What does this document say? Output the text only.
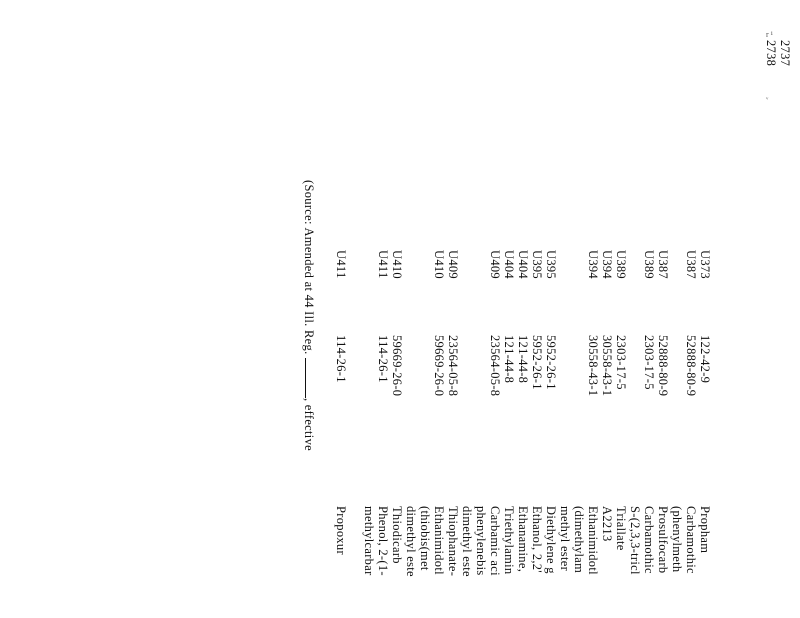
2737
2738
U373
122-42-9
Propham
U387
52888-80-9
Carbamothic
(phenylmeth
U387
52888-80-9
Prosulfocarb
U389
2303-17-5
Carbamothic
S-(2,3,3-tricl
U389
2303-17-5
Triallate
U394
30558-43-1
A2213
U394
30558-43-1
Ethanimidotl
(dimethylam
methyl ester
U395
5952-26-1
Diethylene g
U395
5952-26-1
Ethanol, 2,2'
U404
121-44-8
Ethanamine,
U404
121-44-8
Triethylamin
U409
23564-05-8
Carbamic aci
phenylenebis
dimethyl este
U409
23564-05-8
Thiophanate-
U410
59669-26-0
Ethanimidotl
(thiobis(met
dimethyl este
U410
59669-26-0
Thiodicarb
U411
114-26-1
Phenol, 2-(1-
methylcarbar
U411
114-26-1
Propoxur
(Source: Amended at 44 Ill. Reg. , effective
r ¹
ᵥ
